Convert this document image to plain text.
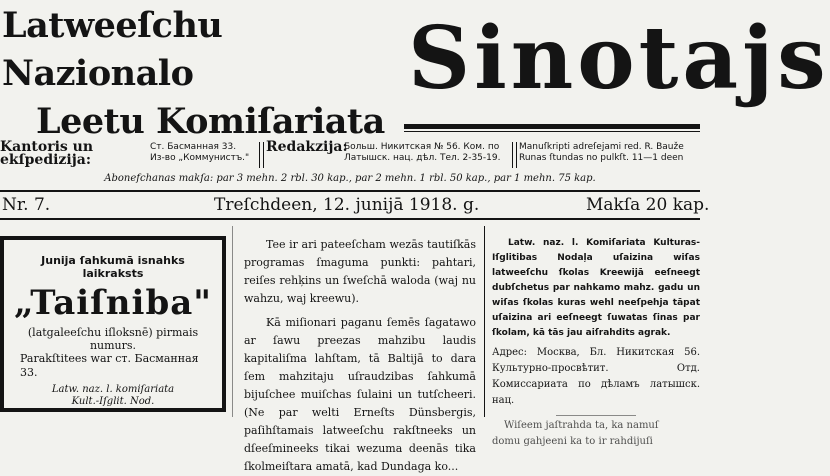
Latweeſchu Nazionalo
Leetu Komiſariata
Sinotajs
Kantoris un ekſpedizija:
Ст. Басманная 33.
Из-во „Коммунистъ."
Redakzija:
Больш. Никитская № 56. Ком. по
Латышск. нац. дѣл. Тел. 2-35-19.
Manuſkripti adreſejami red. R. Bauže
Runas ſtundas no pulkſt. 11—1 deen
Abonefchanas makſa: par 3 mehn. 2 rbl. 30 kap., par 2 mehn. 1 rbl. 50 kap., par 1 mehn. 75 kap.
Nr. 7.	Treſchdeen, 12. junijā 1918. g.	Makſa 20 kap.
Junija ſahkumā isnahks laikraksts
„Taiſniba"
(latgaleeſchu iſloksnē) pirmais numurs.
Parakſtitees war ст. Басманная 33.
Latw. naz. l. komiſariata
Kult.-Iſglit. Nod.

Tee ir ari pateeſcham wezās tautiſkās programas ſmaguma punkti: pahtari, reiſes rehķins un ſweſchā waloda (waj nu wahzu, waj kreewu).

Kā miſionari paganu ſemēs ſagatawo ar ſawu preezas mahzibu laudis kapitaliſma lahſtam, tā Baltijā to dara ſem mahzitaju uſraudzibas ſahkumā bijuſchee muiſchas ſulaini un tutſcheeri. (Ne par welti Erneſts Dünsbergis, paſihſtamais latweeſchu rakſtneeks un dſeeſmineeks tikai wezuma deenās tika ſkolmeiſtara amatā, kad Dundaga ko...

Latw. naz. l. Komiſariata Kulturas-Iſglitibas Nodaļa uſaizina wiſas latweeſchu ſkolas Kreewijā eeſneegt dubſchetus par nahkamo mahz. gadu un wiſas ſkolas kuras wehl neeſpehja tāpat uſaizina ari eeſneegt ſuwatas ſinas par ſkolam, kā tās jau aiſrahdits agrak.

Адрес: Москва, Бл. Никитская 56. Культурно-просвѣтит. Отд. Комиссариата по дѣламъ латышск. нац.

Wiſeem jaſtrahda ta, ka namuſ

domu gahjeeni ka to ir rahdijuſi
